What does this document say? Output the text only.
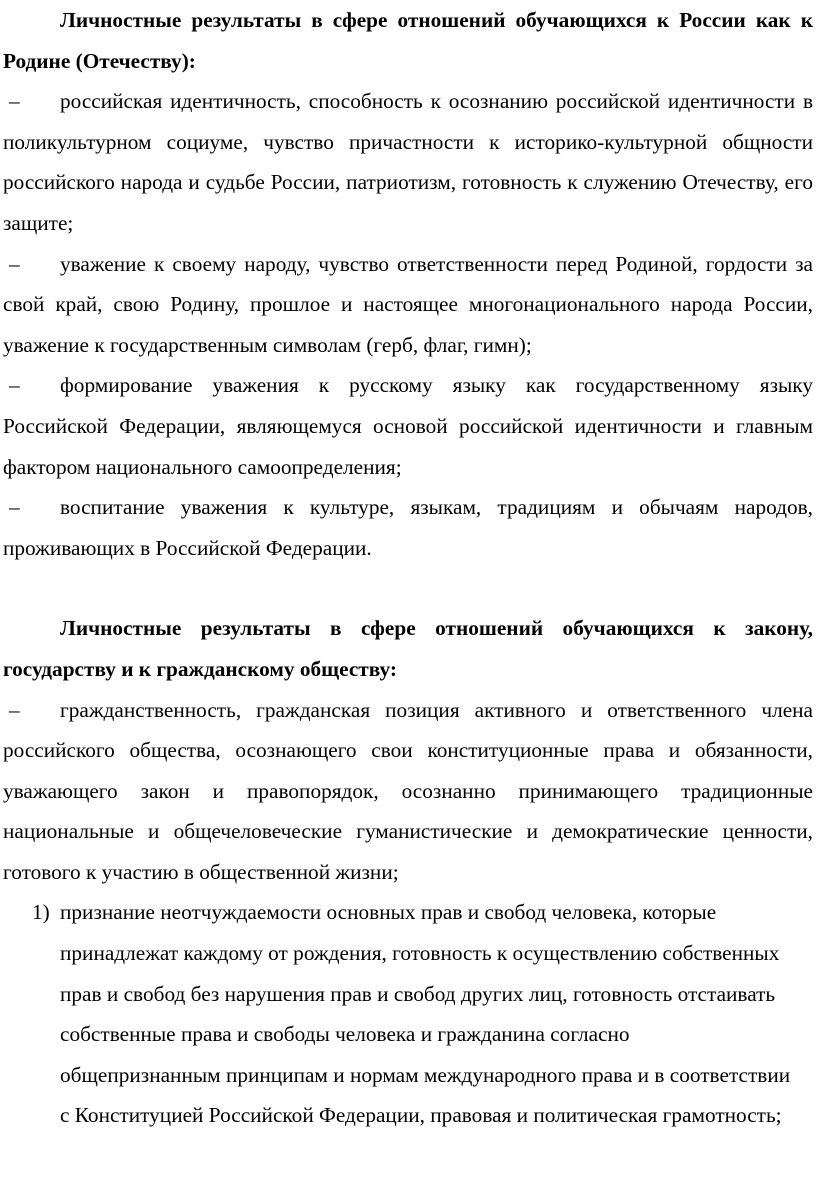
Личностные результаты в сфере отношений обучающихся к России как к Родине (Отечеству):

– российская идентичность, способность к осознанию российской идентичности в поликультурном социуме, чувство причастности к историко-культурной общности российского народа и судьбе России, патриотизм, готовность к служению Отечеству, его защите;

– уважение к своему народу, чувство ответственности перед Родиной, гордости за свой край, свою Родину, прошлое и настоящее многонационального народа России, уважение к государственным символам (герб, флаг, гимн);

– формирование уважения к русскому языку как государственному языку Российской Федерации, являющемуся основой российской идентичности и главным фактором национального самоопределения;

– воспитание уважения к культуре, языкам, традициям и обычаям народов, проживающих в Российской Федерации.

Личностные результаты в сфере отношений обучающихся к закону, государству и к гражданскому обществу:

– гражданственность, гражданская позиция активного и ответственного члена российского общества, осознающего свои конституционные права и обязанности, уважающего закон и правопорядок, осознанно принимающего традиционные национальные и общечеловеческие гуманистические и демократические ценности, готового к участию в общественной жизни;

1) признание неотчуждаемости основных прав и свобод человека, которые принадлежат каждому от рождения, готовность к осуществлению собственных прав и свобод без нарушения прав и свобод других лиц, готовность отстаивать собственные права и свободы человека и гражданина согласно общепризнанным принципам и нормам международного права и в соответствии с Конституцией Российской Федерации, правовая и политическая грамотность;
